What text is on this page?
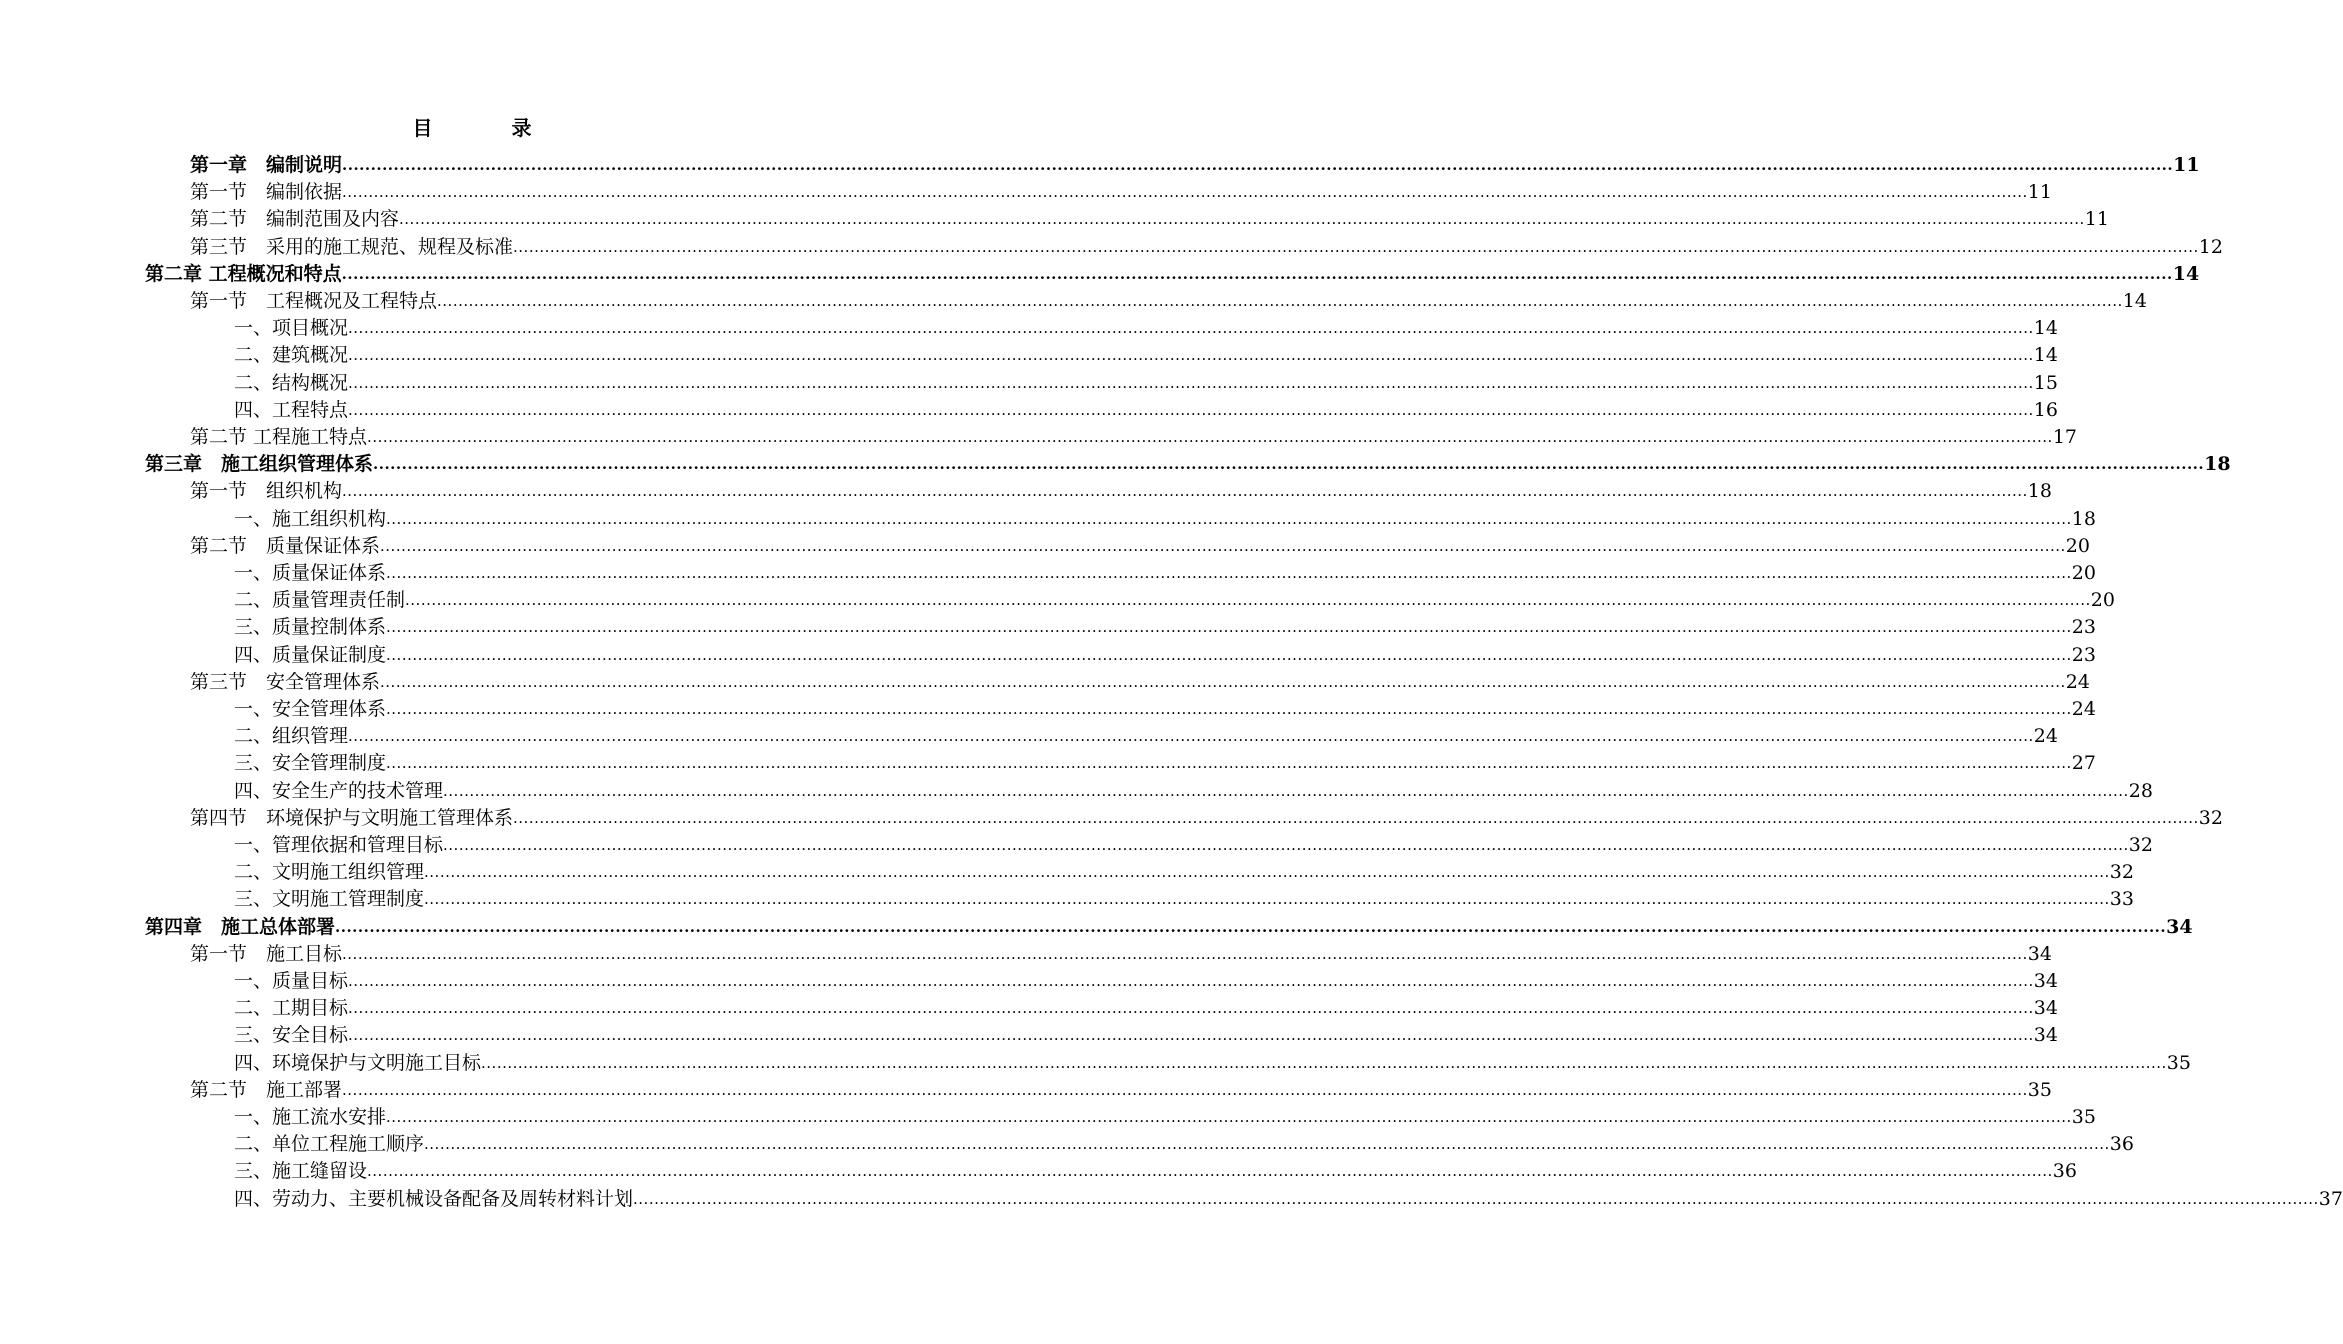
目 录
第一章　编制说明 ................................................................................................................................................................................................................................................................................................................................ 11
第一节　编制依据 ................................................................................................................................................................................................................................................................................................................................ 11
第二节　编制范围及内容 ................................................................................................................................................................................................................................................................................................................................ 11
第三节　采用的施工规范、规程及标准 ................................................................................................................................................................................................................................................................................................................................ 12
第二章 工程概况和特点 ................................................................................................................................................................................................................................................................................................................................ 14
第一节　工程概况及工程特点 ................................................................................................................................................................................................................................................................................................................................ 14
一、项目概况 ................................................................................................................................................................................................................................................................................................................................ 14
二、建筑概况 ................................................................................................................................................................................................................................................................................................................................ 14
二、结构概况 ................................................................................................................................................................................................................................................................................................................................ 15
四、工程特点 ................................................................................................................................................................................................................................................................................................................................ 16
第二节 工程施工特点 ................................................................................................................................................................................................................................................................................................................................ 17
第三章　施工组织管理体系 ................................................................................................................................................................................................................................................................................................................................ 18
第一节　组织机构 ................................................................................................................................................................................................................................................................................................................................ 18
一、施工组织机构 ................................................................................................................................................................................................................................................................................................................................ 18
第二节　质量保证体系 ................................................................................................................................................................................................................................................................................................................................ 20
一、质量保证体系 ................................................................................................................................................................................................................................................................................................................................ 20
二、质量管理责任制 ................................................................................................................................................................................................................................................................................................................................ 20
三、质量控制体系 ................................................................................................................................................................................................................................................................................................................................ 23
四、质量保证制度 ................................................................................................................................................................................................................................................................................................................................ 23
第三节　安全管理体系 ................................................................................................................................................................................................................................................................................................................................ 24
一、安全管理体系 ................................................................................................................................................................................................................................................................................................................................ 24
二、组织管理 ................................................................................................................................................................................................................................................................................................................................ 24
三、安全管理制度 ................................................................................................................................................................................................................................................................................................................................ 27
四、安全生产的技术管理 ................................................................................................................................................................................................................................................................................................................................ 28
第四节　环境保护与文明施工管理体系 ................................................................................................................................................................................................................................................................................................................................ 32
一、管理依据和管理目标 ................................................................................................................................................................................................................................................................................................................................ 32
二、文明施工组织管理 ................................................................................................................................................................................................................................................................................................................................ 32
三、文明施工管理制度 ................................................................................................................................................................................................................................................................................................................................ 33
第四章　施工总体部署 ................................................................................................................................................................................................................................................................................................................................ 34
第一节　施工目标 ................................................................................................................................................................................................................................................................................................................................ 34
一、质量目标 ................................................................................................................................................................................................................................................................................................................................ 34
二、工期目标 ................................................................................................................................................................................................................................................................................................................................ 34
三、安全目标 ................................................................................................................................................................................................................................................................................................................................ 34
四、环境保护与文明施工目标 ................................................................................................................................................................................................................................................................................................................................ 35
第二节　施工部署 ................................................................................................................................................................................................................................................................................................................................ 35
一、施工流水安排 ................................................................................................................................................................................................................................................................................................................................ 35
二、单位工程施工顺序 ................................................................................................................................................................................................................................................................................................................................ 36
三、施工缝留设 ................................................................................................................................................................................................................................................................................................................................ 36
四、劳动力、主要机械设备配备及周转材料计划 ................................................................................................................................................................................................................................................................................................................................ 37
